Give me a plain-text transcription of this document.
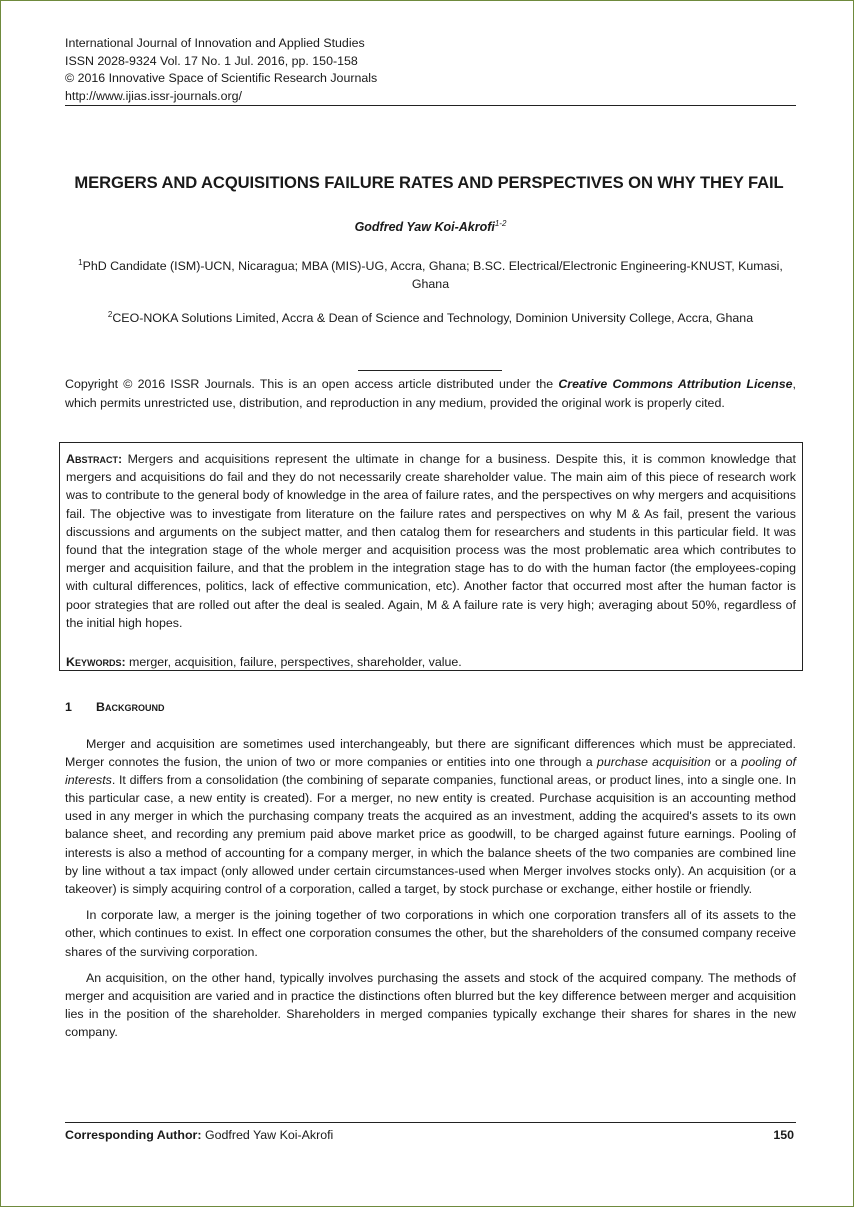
International Journal of Innovation and Applied Studies
ISSN 2028-9324 Vol. 17 No. 1 Jul. 2016, pp. 150-158
© 2016 Innovative Space of Scientific Research Journals
http://www.ijias.issr-journals.org/
MERGERS AND ACQUISITIONS FAILURE RATES AND PERSPECTIVES ON WHY THEY FAIL
Godfred Yaw Koi-Akrofi$^{1-2}$
$^1$PhD Candidate (ISM)-UCN, Nicaragua; MBA (MIS)-UG, Accra, Ghana; B.SC. Electrical/Electronic Engineering-KNUST, Kumasi, Ghana
$^2$CEO-NOKA Solutions Limited, Accra & Dean of Science and Technology, Dominion University College, Accra, Ghana
Copyright © 2016 ISSR Journals. This is an open access article distributed under the Creative Commons Attribution License, which permits unrestricted use, distribution, and reproduction in any medium, provided the original work is properly cited.

Abstract: Mergers and acquisitions represent the ultimate in change for a business. Despite this, it is common knowledge that mergers and acquisitions do fail and they do not necessarily create shareholder value. The main aim of this piece of research work was to contribute to the general body of knowledge in the area of failure rates, and the perspectives on why mergers and acquisitions fail. The objective was to investigate from literature on the failure rates and perspectives on why M & As fail, present the various discussions and arguments on the subject matter, and then catalog them for researchers and students in this particular field. It was found that the integration stage of the whole merger and acquisition process was the most problematic area which contributes to merger and acquisition failure, and that the problem in the integration stage has to do with the human factor (the employees-coping with cultural differences, politics, lack of effective communication, etc). Another factor that occurred most after the human factor is poor strategies that are rolled out after the deal is sealed. Again, M & A failure rate is very high; averaging about 50%, regardless of the initial high hopes.

Keywords: merger, acquisition, failure, perspectives, shareholder, value.
1 Background

Merger and acquisition are sometimes used interchangeably, but there are significant differences which must be appreciated. Merger connotes the fusion, the union of two or more companies or entities into one through a purchase acquisition or a pooling of interests. It differs from a consolidation (the combining of separate companies, functional areas, or product lines, into a single one. In this particular case, a new entity is created). For a merger, no new entity is created. Purchase acquisition is an accounting method used in any merger in which the purchasing company treats the acquired as an investment, adding the acquired's assets to its own balance sheet, and recording any premium paid above market price as goodwill, to be charged against future earnings. Pooling of interests is also a method of accounting for a company merger, in which the balance sheets of the two companies are combined line by line without a tax impact (only allowed under certain circumstances-used when Merger involves stocks only). An acquisition (or a takeover) is simply acquiring control of a corporation, called a target, by stock purchase or exchange, either hostile or friendly.

In corporate law, a merger is the joining together of two corporations in which one corporation transfers all of its assets to the other, which continues to exist. In effect one corporation consumes the other, but the shareholders of the consumed company receive shares of the surviving corporation.

An acquisition, on the other hand, typically involves purchasing the assets and stock of the acquired company. The methods of merger and acquisition are varied and in practice the distinctions often blurred but the key difference between merger and acquisition lies in the position of the shareholder. Shareholders in merged companies typically exchange their shares for shares in the new company.

Corresponding Author: Godfred Yaw Koi-Akrofi	150
